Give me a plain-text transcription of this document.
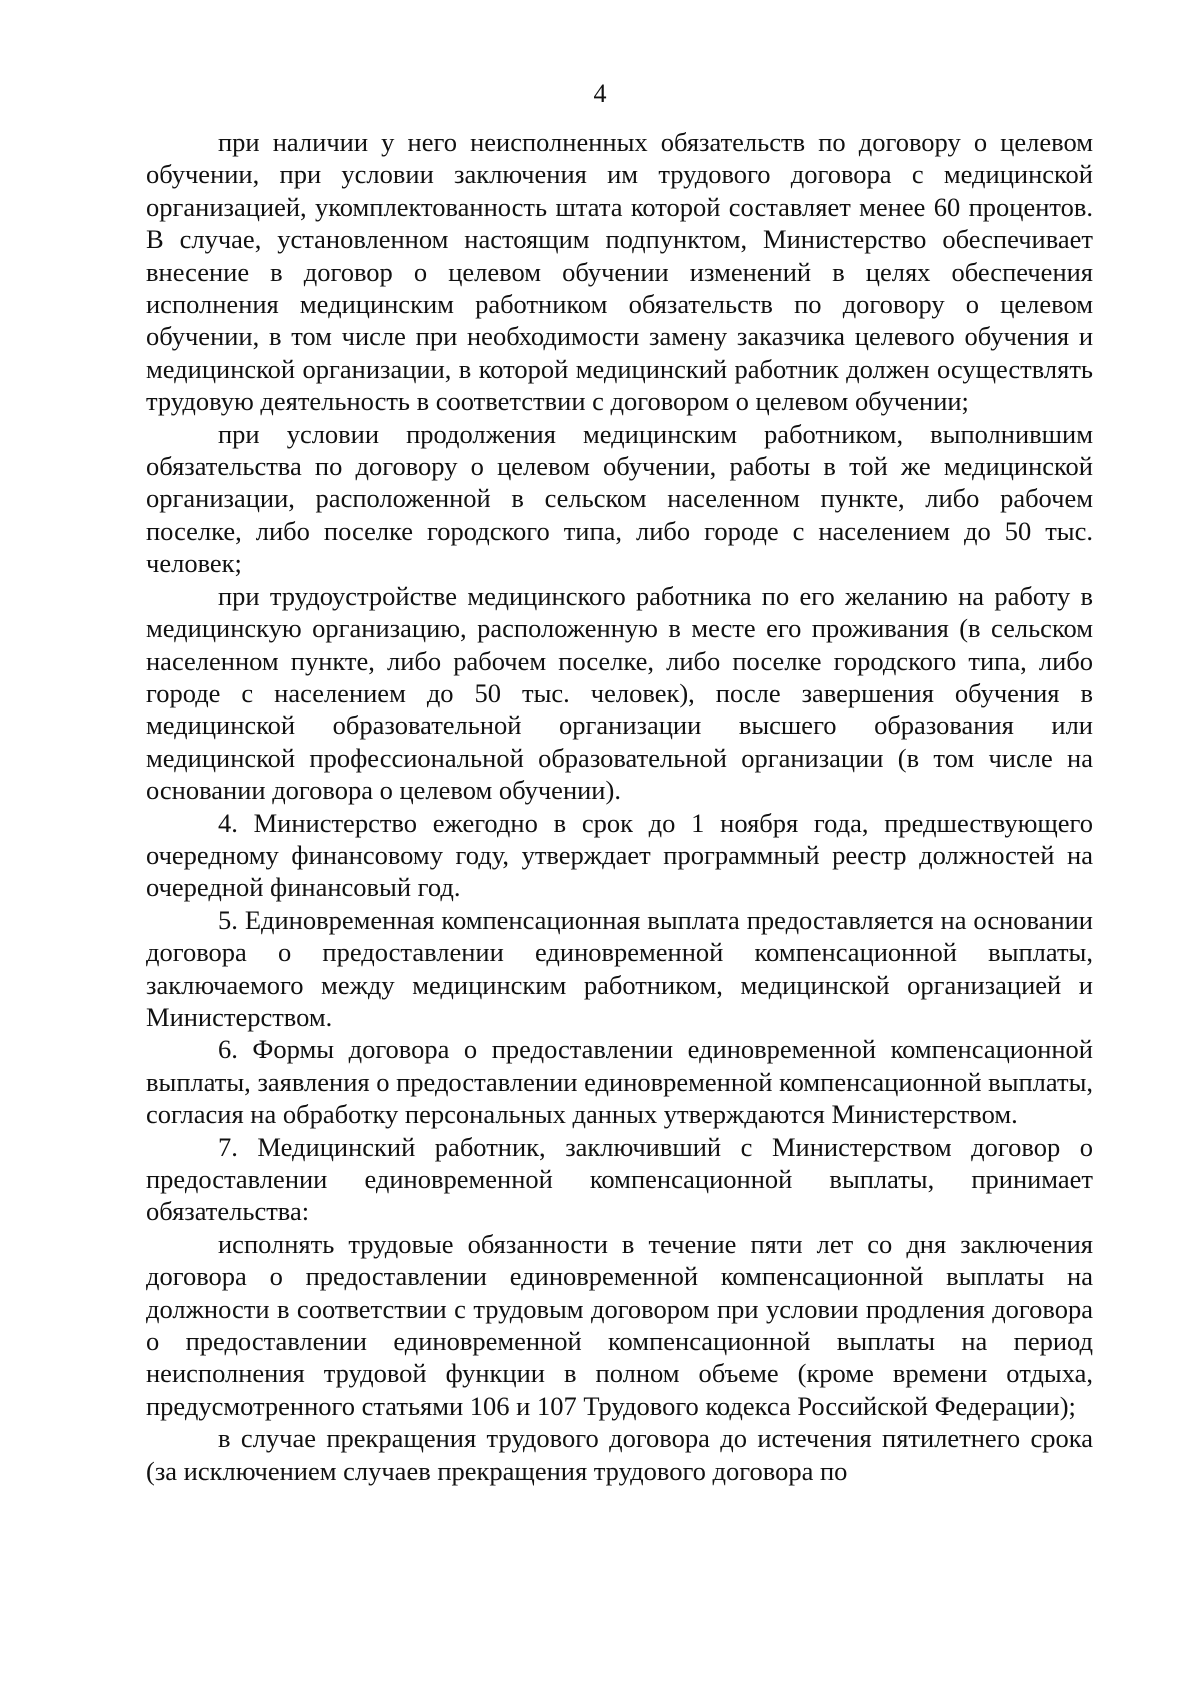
4

при наличии у него неисполненных обязательств по договору о целевом обучении, при условии заключения им трудового договора с медицинской организацией, укомплектованность штата которой составляет менее 60 процентов. В случае, установленном настоящим подпунктом, Министерство обеспечивает внесение в договор о целевом обучении изменений в целях обеспечения исполнения медицинским работником обязательств по договору о целевом обучении, в том числе при необходимости замену заказчика целевого обучения и медицинской организации, в которой медицинский работник должен осуществлять трудовую деятельность в соответствии с договором о целевом обучении;

при условии продолжения медицинским работником, выполнившим обязательства по договору о целевом обучении, работы в той же медицинской организации, расположенной в сельском населенном пункте, либо рабочем поселке, либо поселке городского типа, либо городе с населением до 50 тыс. человек;

при трудоустройстве медицинского работника по его желанию на работу в медицинскую организацию, расположенную в месте его проживания (в сельском населенном пункте, либо рабочем поселке, либо поселке городского типа, либо городе с населением до 50 тыс. человек), после завершения обучения в медицинской образовательной организации высшего образования или медицинской профессиональной образовательной организации (в том числе на основании договора о целевом обучении).

4. Министерство ежегодно в срок до 1 ноября года, предшествующего очередному финансовому году, утверждает программный реестр должностей на очередной финансовый год.

5. Единовременная компенсационная выплата предоставляется на основании договора о предоставлении единовременной компенсационной выплаты, заключаемого между медицинским работником, медицинской организацией и Министерством.

6. Формы договора о предоставлении единовременной компенсационной выплаты, заявления о предоставлении единовременной компенсационной выплаты, согласия на обработку персональных данных утверждаются Министерством.

7. Медицинский работник, заключивший с Министерством договор о предоставлении единовременной компенсационной выплаты, принимает обязательства:

исполнять трудовые обязанности в течение пяти лет со дня заключения договора о предоставлении единовременной компенсационной выплаты на должности в соответствии с трудовым договором при условии продления договора о предоставлении единовременной компенсационной выплаты на период неисполнения трудовой функции в полном объеме (кроме времени отдыха, предусмотренного статьями 106 и 107 Трудового кодекса Российской Федерации);

в случае прекращения трудового договора до истечения пятилетнего срока (за исключением случаев прекращения трудового договора по
